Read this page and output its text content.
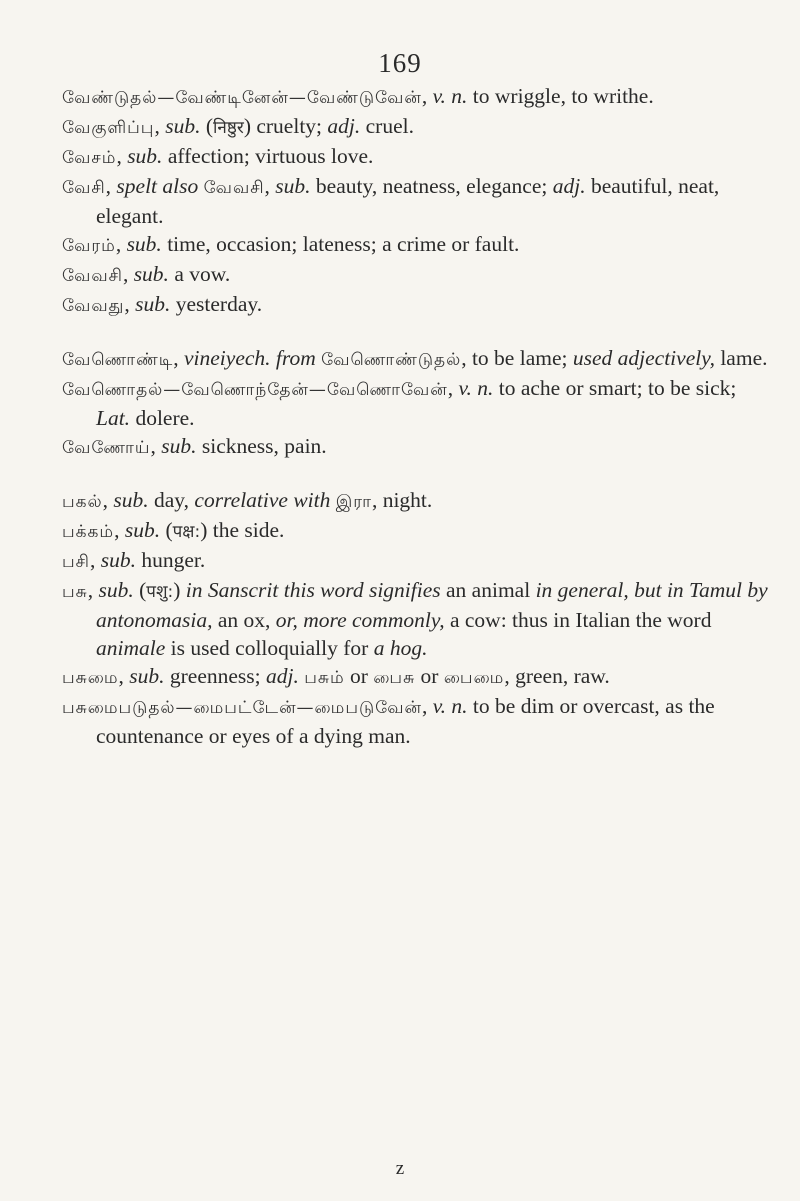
169

வேண்டுதல்—வேண்டினேன்—வேண்டுவேன், v. n. to wriggle, to writhe.

வேகுளிப்பு, sub. (निष्ठुर) cruelty; adj. cruel.

வேசம், sub. affection; virtuous love.

வேசி, spelt also வேவசி, sub. beauty, neatness, elegance; adj. beautiful, neat, elegant.

வேரம், sub. time, occasion; lateness; a crime or fault.

வேவசி, sub. a vow.

வேவது, sub. yesterday.

வேணொண்டி, vineiyech. from வேணொண்டுதல், to be lame; used adjectively, lame.

வேணொதல்—வேணொந்தேன்—வேணொவேன், v. n. to ache or smart; to be sick; Lat. dolere.

வேணோய், sub. sickness, pain.

பகல், sub. day, correlative with இரா, night.

பக்கம், sub. (पक्ष:) the side.

பசி, sub. hunger.

பசு, sub. (पशु:) in Sanscrit this word signifies an animal in general, but in Tamul by antonomasia, an ox, or, more commonly, a cow: thus in Italian the word animale is used colloquially for a hog.

பசுமை, sub. greenness; adj. பசும் or பைசு or பைமை, green, raw.

பசுமைபடுதல்—மைபட்டேன்—மைபடுவேன், v. n. to be dim or overcast, as the countenance or eyes of a dying man.

z
